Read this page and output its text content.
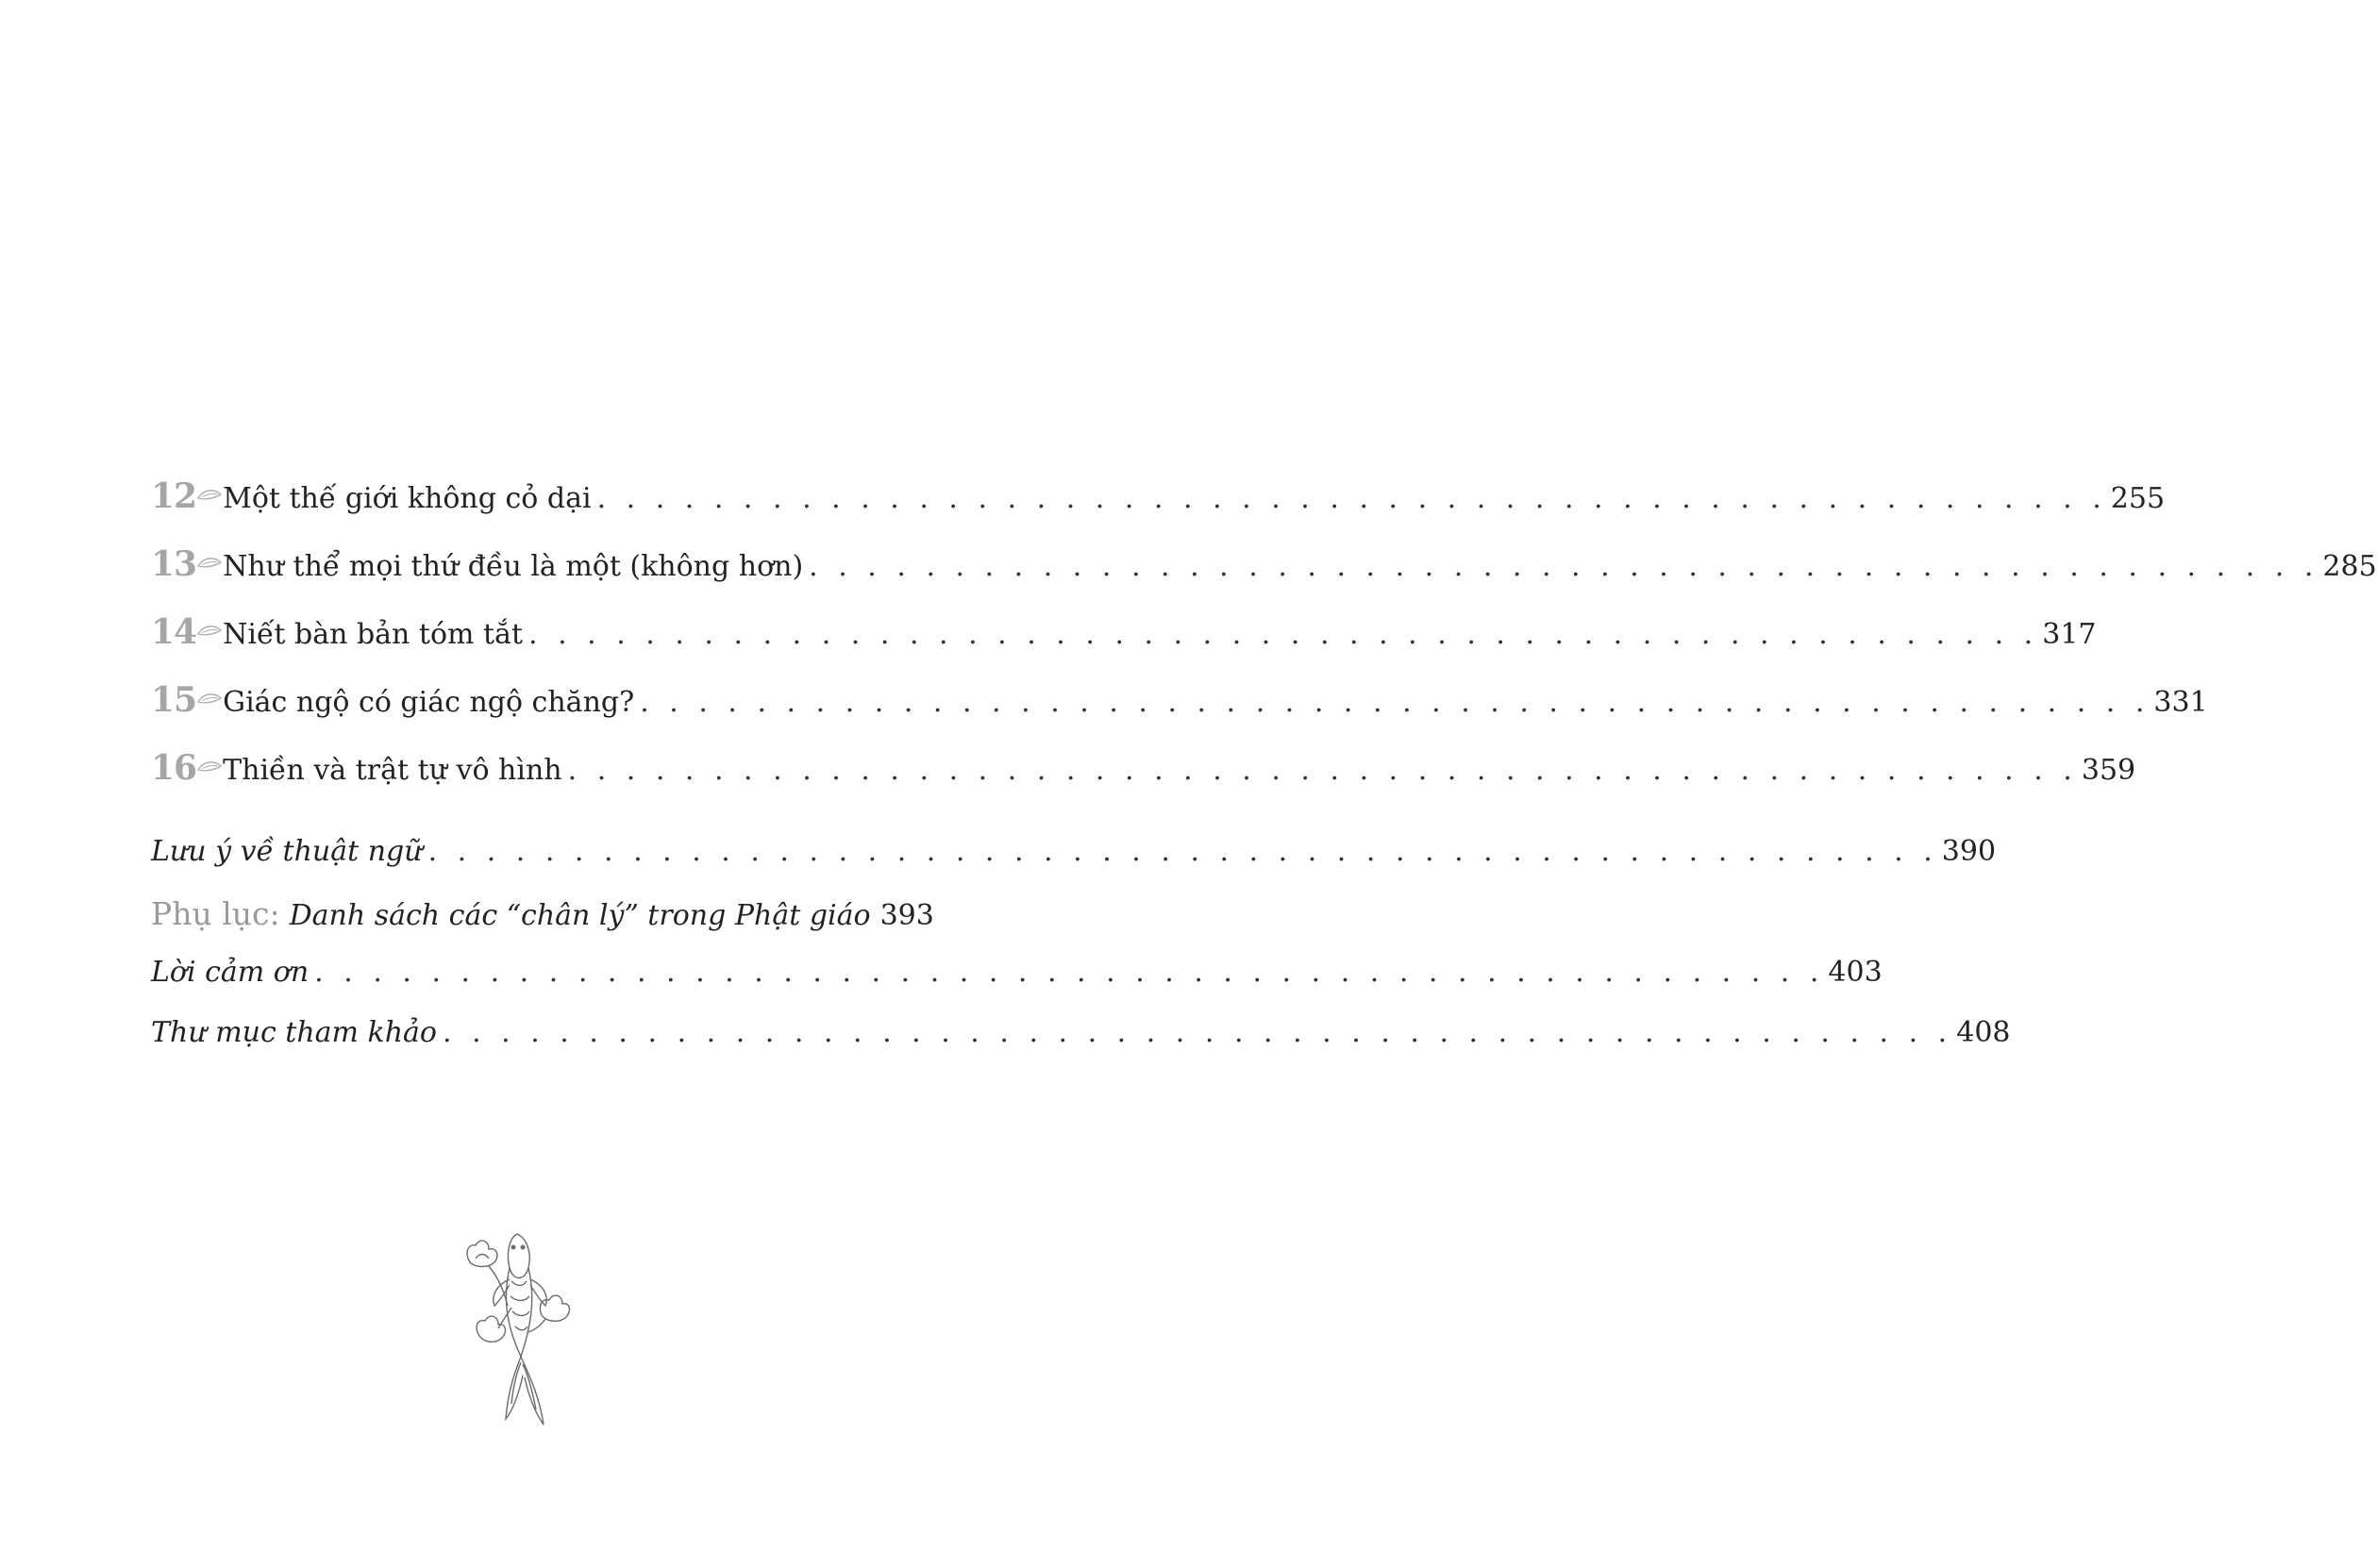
12 Một thế giới không cỏ dại . . . . . . . . . . . . . . . . . . . . . . . . . . . . . . . . . . . . . . . . . . . . . . . . . . . . 255
13 Như thể mọi thứ đều là một (không hơn) . . . . . . . . . . . . . . . . . . . . . . . . . . . . . . . . . . . . . . . . . . . . . . . . . . . . 285
14 Niết bàn bản tóm tắt . . . . . . . . . . . . . . . . . . . . . . . . . . . . . . . . . . . . . . . . . . . . . . . . . . . . 317
15 Giác ngộ có giác ngộ chăng? . . . . . . . . . . . . . . . . . . . . . . . . . . . . . . . . . . . . . . . . . . . . . . . . . . . . 331
16 Thiền và trật tự vô hình . . . . . . . . . . . . . . . . . . . . . . . . . . . . . . . . . . . . . . . . . . . . . . . . . . . . 359
Lưu ý về thuật ngữ . . . . . . . . . . . . . . . . . . . . . . . . . . . . . . . . . . . . . . . . . . . . . . . . . . . . 390
Phụ lục: Danh sách các “chân lý” trong Phật giáo 393
Lời cảm ơn . . . . . . . . . . . . . . . . . . . . . . . . . . . . . . . . . . . . . . . . . . . . . . . . . . . . 403
Thư mục tham khảo . . . . . . . . . . . . . . . . . . . . . . . . . . . . . . . . . . . . . . . . . . . . . . . . . . . . 408
